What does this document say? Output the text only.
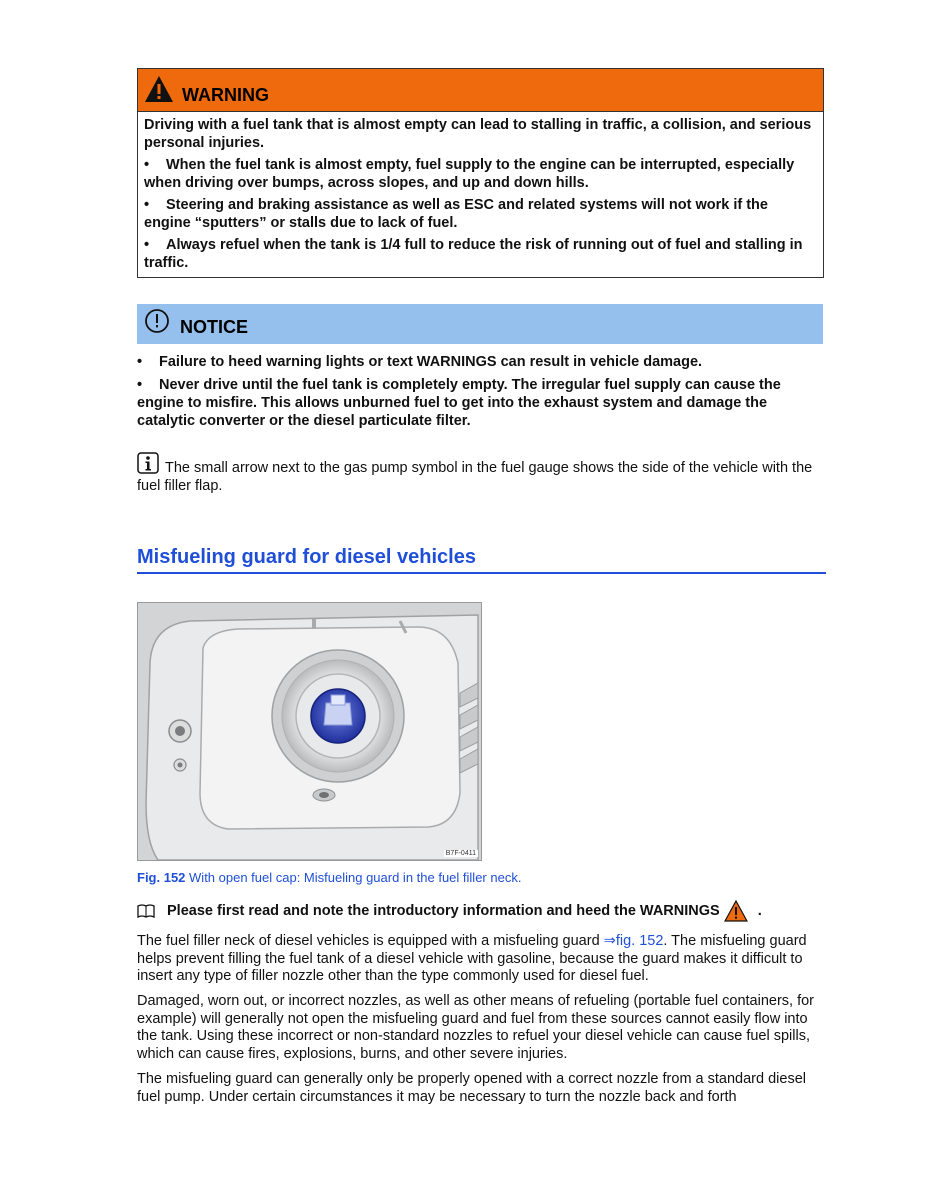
WARNING

Driving with a fuel tank that is almost empty can lead to stalling in traffic, a collision, and serious personal injuries.

• When the fuel tank is almost empty, fuel supply to the engine can be interrupted, especially when driving over bumps, across slopes, and up and down hills.

• Steering and braking assistance as well as ESC and related systems will not work if the engine “sputters” or stalls due to lack of fuel.

• Always refuel when the tank is 1/4 full to reduce the risk of running out of fuel and stalling in traffic.

NOTICE

• Failure to heed warning lights or text WARNINGS can result in vehicle damage.

• Never drive until the fuel tank is completely empty. The irregular fuel supply can cause the engine to misfire. This allows unburned fuel to get into the exhaust system and damage the catalytic converter or the diesel particulate filter.

The small arrow next to the gas pump symbol in the fuel gauge shows the side of the vehicle with the fuel filler flap.
Misfueling guard for diesel vehicles
B7F-0411
Fig. 152 With open fuel cap: Misfueling guard in the fuel filler neck.
Please first read and note the introductory information and heed the WARNINGS	.

The fuel filler neck of diesel vehicles is equipped with a misfueling guard ⇒fig. 152. The misfueling guard helps prevent filling the fuel tank of a diesel vehicle with gasoline, because the guard makes it difficult to insert any type of filler nozzle other than the type commonly used for diesel fuel.

Damaged, worn out, or incorrect nozzles, as well as other means of refueling (portable fuel containers, for example) will generally not open the misfueling guard and fuel from these sources cannot easily flow into the tank. Using these incorrect or non-standard nozzles to refuel your diesel vehicle can cause fuel spills, which can cause fires, explosions, burns, and other severe injuries.

The misfueling guard can generally only be properly opened with a correct nozzle from a standard diesel fuel pump. Under certain circumstances it may be necessary to turn the nozzle back and forth
